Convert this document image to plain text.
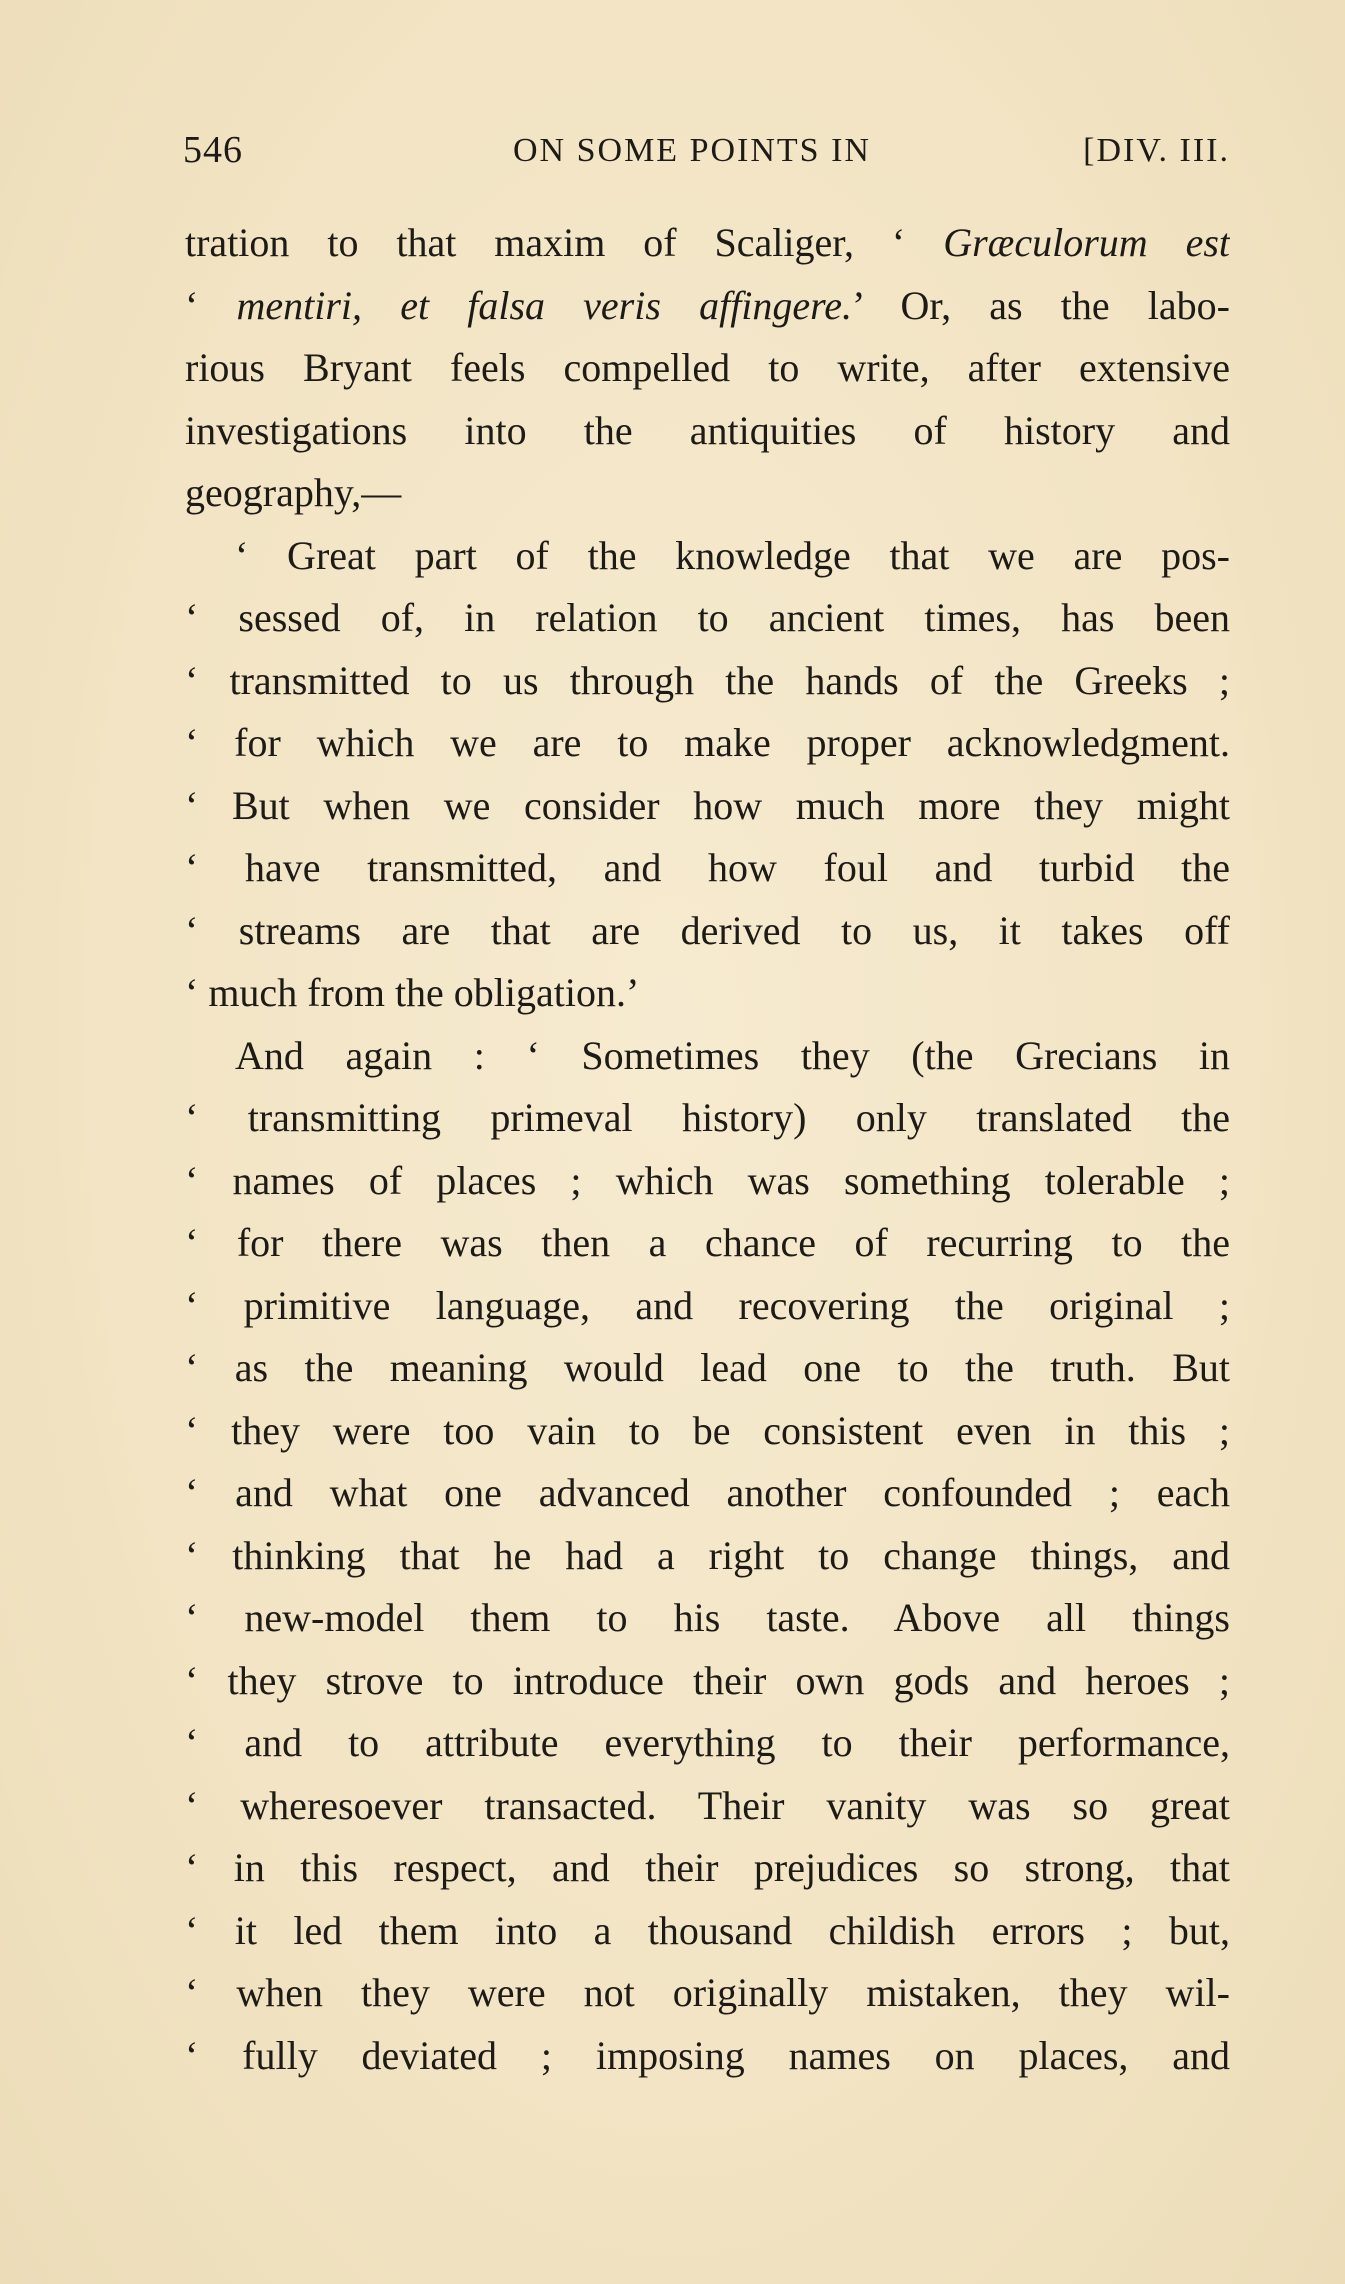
546	ON SOME POINTS IN	[DIV. III.
tration to that maxim of Scaliger, ‘ Græculorum est
‘ mentiri, et falsa veris affingere.’ Or, as the labo-
rious Bryant feels compelled to write, after extensive
investigations into the antiquities of history and
geography,—
‘ Great part of the knowledge that we are pos-
‘ sessed of, in relation to ancient times, has been
‘ transmitted to us through the hands of the Greeks ;
‘ for which we are to make proper acknowledgment.
‘ But when we consider how much more they might
‘ have transmitted, and how foul and turbid the
‘ streams are that are derived to us, it takes off
‘ much from the obligation.’
And again : ‘ Sometimes they (the Grecians in
‘ transmitting primeval history) only translated the
‘ names of places ; which was something tolerable ;
‘ for there was then a chance of recurring to the
‘ primitive language, and recovering the original ;
‘ as the meaning would lead one to the truth. But
‘ they were too vain to be consistent even in this ;
‘ and what one advanced another confounded ; each
‘ thinking that he had a right to change things, and
‘ new-model them to his taste. Above all things
‘ they strove to introduce their own gods and heroes ;
‘ and to attribute everything to their performance,
‘ wheresoever transacted. Their vanity was so great
‘ in this respect, and their prejudices so strong, that
‘ it led them into a thousand childish errors ; but,
‘ when they were not originally mistaken, they wil-
‘ fully deviated ; imposing names on places, and
